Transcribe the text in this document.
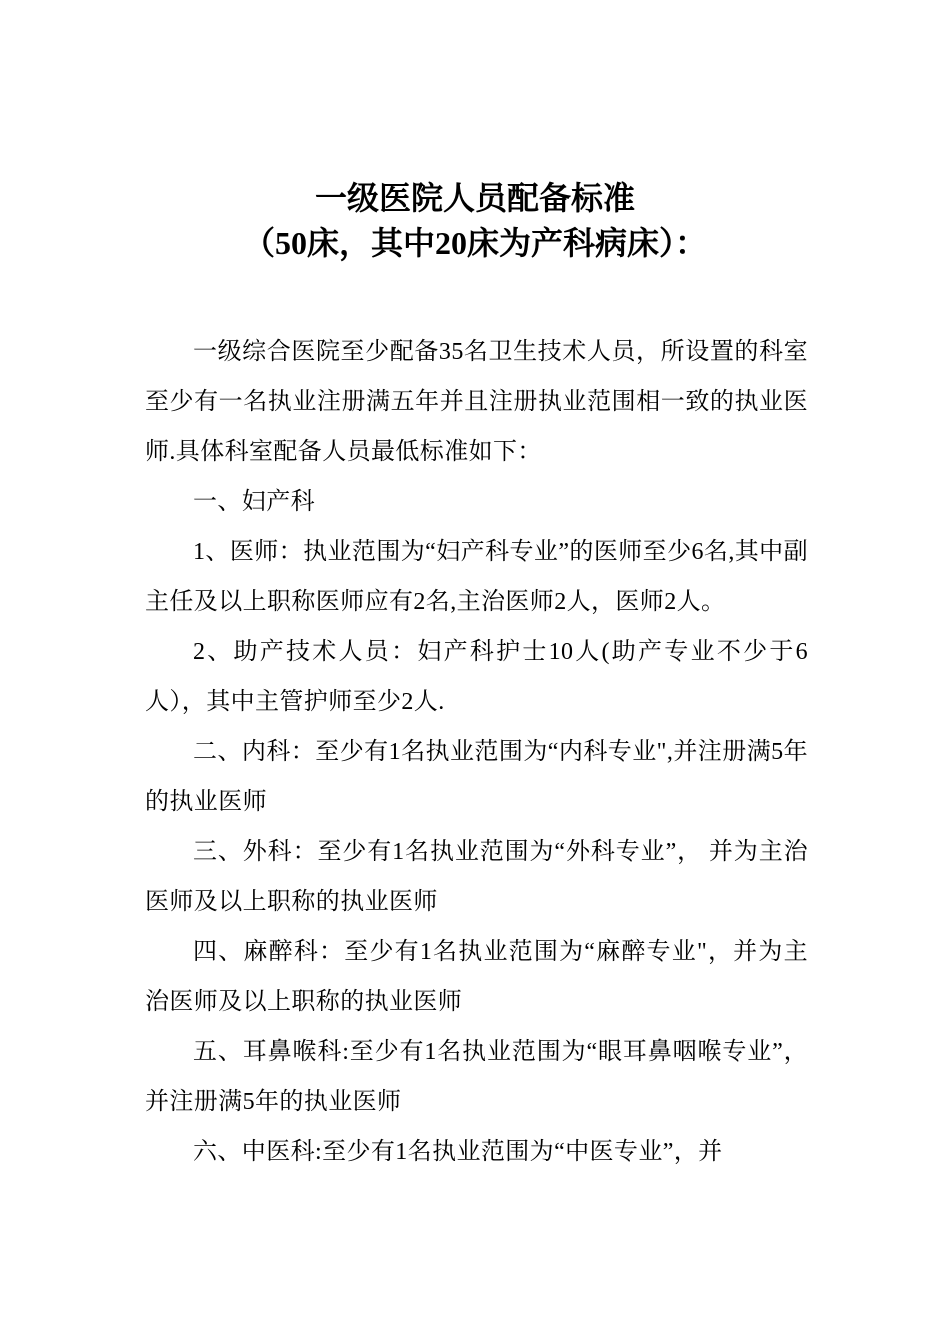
一级医院人员配备标准
（50床，其中20床为产科病床）：

一级综合医院至少配备35名卫生技术人员，所设置的科室至少有一名执业注册满五年并且注册执业范围相一致的执业医师.具体科室配备人员最低标准如下：

一、妇产科

1、医师：执业范围为“妇产科专业”的医师至少6名,其中副主任及以上职称医师应有2名,主治医师2人，医师2人。

2、助产技术人员：妇产科护士10人(助产专业不少于6人），其中主管护师至少2人.

二、内科：至少有1名执业范围为“内科专业",并注册满5年的执业医师

三、外科：至少有1名执业范围为“外科专业”， 并为主治医师及以上职称的执业医师

四、麻醉科：至少有1名执业范围为“麻醉专业"，并为主治医师及以上职称的执业医师

五、耳鼻喉科:至少有1名执业范围为“眼耳鼻咽喉专业”，并注册满5年的执业医师

六、中医科:至少有1名执业范围为“中医专业”，并
